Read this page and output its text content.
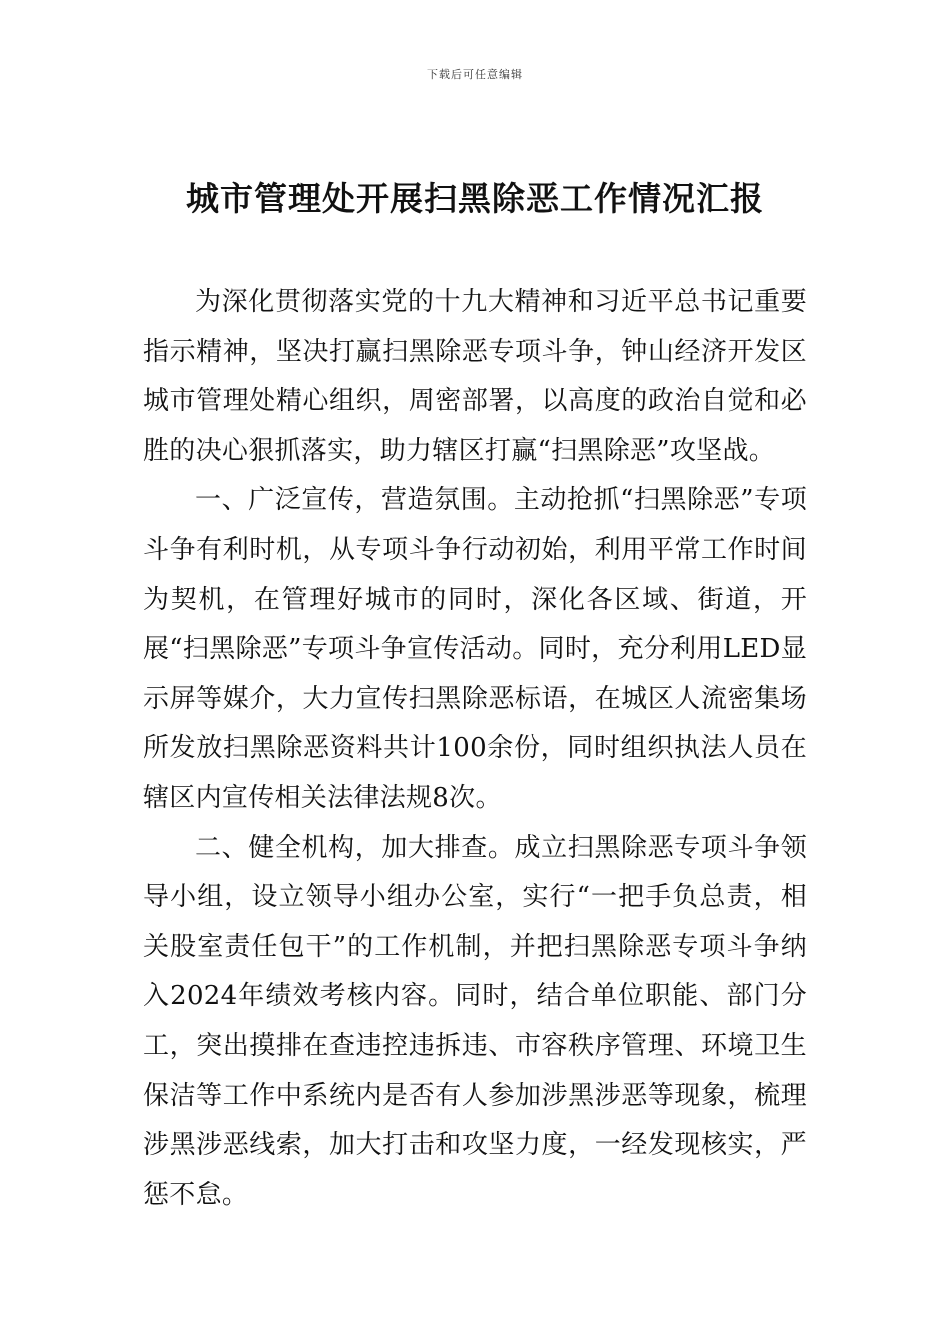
下载后可任意编辑
城市管理处开展扫黑除恶工作情况汇报

为深化贯彻落实党的十九大精神和习近平总书记重要指示精神，坚决打赢扫黑除恶专项斗争，钟山经济开发区城市管理处精心组织，周密部署，以高度的政治自觉和必胜的决心狠抓落实，助力辖区打赢“扫黑除恶”攻坚战。

一、广泛宣传，营造氛围。主动抢抓“扫黑除恶”专项斗争有利时机，从专项斗争行动初始，利用平常工作时间为契机，在管理好城市的同时，深化各区域、街道，开展“扫黑除恶”专项斗争宣传活动。同时，充分利用LED显示屏等媒介，大力宣传扫黑除恶标语，在城区人流密集场所发放扫黑除恶资料共计100余份，同时组织执法人员在辖区内宣传相关法律法规8次。

二、健全机构，加大排查。成立扫黑除恶专项斗争领导小组，设立领导小组办公室，实行“一把手负总责，相关股室责任包干”的工作机制，并把扫黑除恶专项斗争纳入2024年绩效考核内容。同时，结合单位职能、部门分工，突出摸排在查违控违拆违、市容秩序管理、环境卫生保洁等工作中系统内是否有人参加涉黑涉恶等现象，梳理涉黑涉恶线索，加大打击和攻坚力度，一经发现核实，严惩不怠。
